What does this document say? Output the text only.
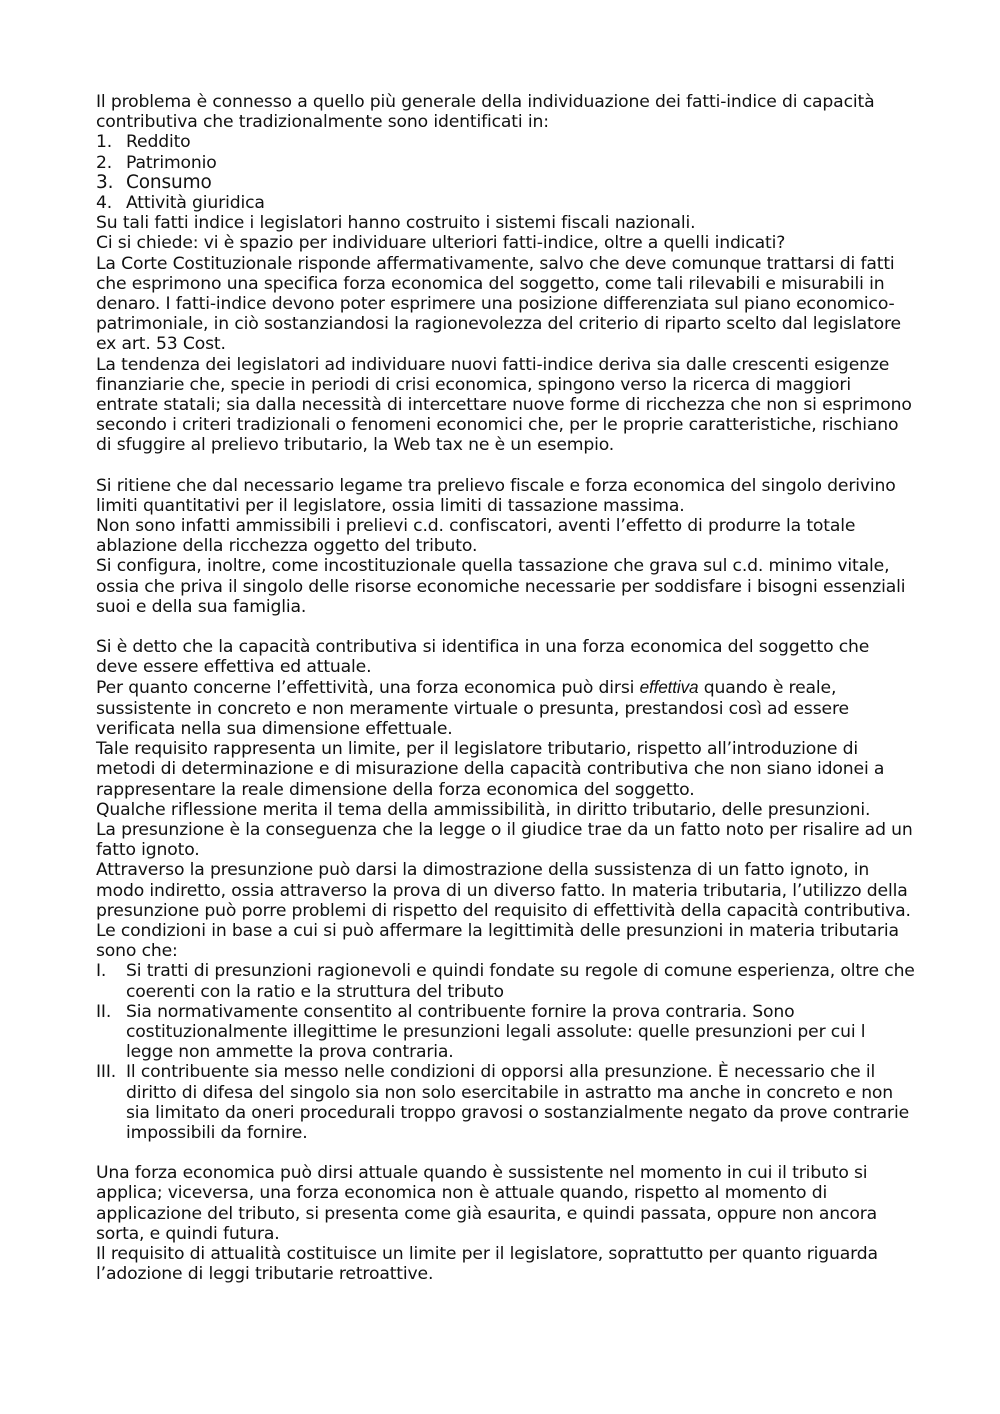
Il problema è connesso a quello più generale della individuazione dei fatti-indice di capacità contributiva che tradizionalmente sono identificati in:

1. Reddito
2. Patrimonio
3. Consumo
4. Attività giuridica

Su tali fatti indice i legislatori hanno costruito i sistemi fiscali nazionali.

Ci si chiede: vi è spazio per individuare ulteriori fatti-indice, oltre a quelli indicati?

La Corte Costituzionale risponde affermativamente, salvo che deve comunque trattarsi di fatti che esprimono una specifica forza economica del soggetto, come tali rilevabili e misurabili in denaro. I fatti-indice devono poter esprimere una posizione differenziata sul piano economico- patrimoniale, in ciò sostanziandosi la ragionevolezza del criterio di riparto scelto dal legislatore ex art. 53 Cost.

La tendenza dei legislatori ad individuare nuovi fatti-indice deriva sia dalle crescenti esigenze finanziarie che, specie in periodi di crisi economica, spingono verso la ricerca di maggiori entrate statali; sia dalla necessità di intercettare nuove forme di ricchezza che non si esprimono secondo i criteri tradizionali o fenomeni economici che, per le proprie caratteristiche, rischiano di sfuggire al prelievo tributario, la Web tax ne è un esempio.

Si ritiene che dal necessario legame tra prelievo fiscale e forza economica del singolo derivino limiti quantitativi per il legislatore, ossia limiti di tassazione massima.

Non sono infatti ammissibili i prelievi c.d. confiscatori, aventi l’effetto di produrre la totale ablazione della ricchezza oggetto del tributo.

Si configura, inoltre, come incostituzionale quella tassazione che grava sul c.d. minimo vitale, ossia che priva il singolo delle risorse economiche necessarie per soddisfare i bisogni essenziali suoi e della sua famiglia.

Si è detto che la capacità contributiva si identifica in una forza economica del soggetto che deve essere effettiva ed attuale.

Per quanto concerne l’effettività, una forza economica può dirsi effettiva quando è reale, sussistente in concreto e non meramente virtuale o presunta, prestandosi così ad essere verificata nella sua dimensione effettuale.

Tale requisito rappresenta un limite, per il legislatore tributario, rispetto all’introduzione di metodi di determinazione e di misurazione della capacità contributiva che non siano idonei a rappresentare la reale dimensione della forza economica del soggetto.

Qualche riflessione merita il tema della ammissibilità, in diritto tributario, delle presunzioni.

La presunzione è la conseguenza che la legge o il giudice trae da un fatto noto per risalire ad un fatto ignoto.

Attraverso la presunzione può darsi la dimostrazione della sussistenza di un fatto ignoto, in modo indiretto, ossia attraverso la prova di un diverso fatto. In materia tributaria, l’utilizzo della presunzione può porre problemi di rispetto del requisito di effettività della capacità contributiva. Le condizioni in base a cui si può affermare la legittimità delle presunzioni in materia tributaria sono che:

I.	Si tratti di presunzioni ragionevoli e quindi fondate su regole di comune esperienza, oltre che coerenti con la ratio e la struttura del tributo
II. Sia normativamente consentito al contribuente fornire la prova contraria. Sono costituzionalmente illegittime le presunzioni legali assolute: quelle presunzioni per cui l legge non ammette la prova contraria.
III. Il contribuente sia messo nelle condizioni di opporsi alla presunzione. È necessario che il diritto di difesa del singolo sia non solo esercitabile in astratto ma anche in concreto e non sia limitato da oneri procedurali troppo gravosi o sostanzialmente negato da prove contrarie impossibili da fornire.

Una forza economica può dirsi attuale quando è sussistente nel momento in cui il tributo si applica; viceversa, una forza economica non è attuale quando, rispetto al momento di applicazione del tributo, si presenta come già esaurita, e quindi passata, oppure non ancora sorta, e quindi futura.

Il requisito di attualità costituisce un limite per il legislatore, soprattutto per quanto riguarda l’adozione di leggi tributarie retroattive.
